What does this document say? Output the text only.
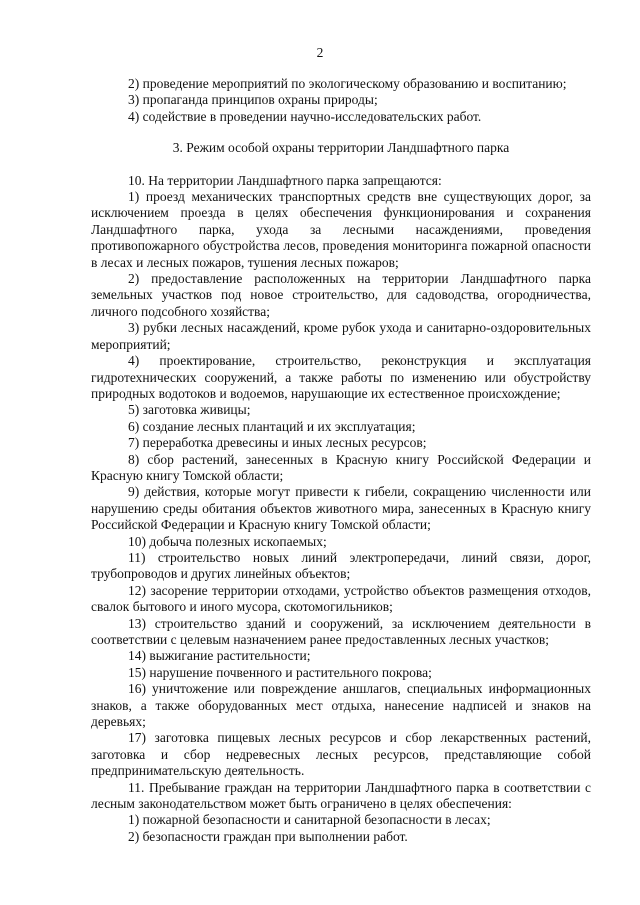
2

2) проведение мероприятий по экологическому образованию и воспитанию;

3) пропаганда принципов охраны природы;

4) содействие в проведении научно-исследовательских работ.

3. Режим особой охраны территории Ландшафтного парка

10. На территории Ландшафтного парка запрещаются:

1) проезд механических транспортных средств вне существующих дорог, за исключением проезда в целях обеспечения функционирования и сохранения Ландшафтного парка, ухода за лесными насаждениями, проведения противопожарного обустройства лесов, проведения мониторинга пожарной опасности в лесах и лесных пожаров, тушения лесных пожаров;

2) предоставление расположенных на территории Ландшафтного парка земельных участков под новое строительство, для садоводства, огородничества, личного подсобного хозяйства;

3) рубки лесных насаждений, кроме рубок ухода и санитарно-оздоровительных мероприятий;

4) проектирование, строительство, реконструкция и эксплуатация гидротехнических сооружений, а также работы по изменению или обустройству природных водотоков и водоемов, нарушающие их естественное происхождение;

5) заготовка живицы;

6) создание лесных плантаций и их эксплуатация;

7) переработка древесины и иных лесных ресурсов;

8) сбор растений, занесенных в Красную книгу Российской Федерации и Красную книгу Томской области;

9) действия, которые могут привести к гибели, сокращению численности или нарушению среды обитания объектов животного мира, занесенных в Красную книгу Российской Федерации и Красную книгу Томской области;

10) добыча полезных ископаемых;

11) строительство новых линий электропередачи, линий связи, дорог, трубопроводов и других линейных объектов;

12) засорение территории отходами, устройство объектов размещения отходов, свалок бытового и иного мусора, скотомогильников;

13) строительство зданий и сооружений, за исключением деятельности в соответствии с целевым назначением ранее предоставленных лесных участков;

14) выжигание растительности;

15) нарушение почвенного и растительного покрова;

16) уничтожение или повреждение аншлагов, специальных информационных знаков, а также оборудованных мест отдыха, нанесение надписей и знаков на деревьях;

17) заготовка пищевых лесных ресурсов и сбор лекарственных растений, заготовка и сбор недревесных лесных ресурсов, представляющие собой предпринимательскую деятельность.

11. Пребывание граждан на территории Ландшафтного парка в соответствии с лесным законодательством может быть ограничено в целях обеспечения:

1) пожарной безопасности и санитарной безопасности в лесах;

2) безопасности граждан при выполнении работ.
